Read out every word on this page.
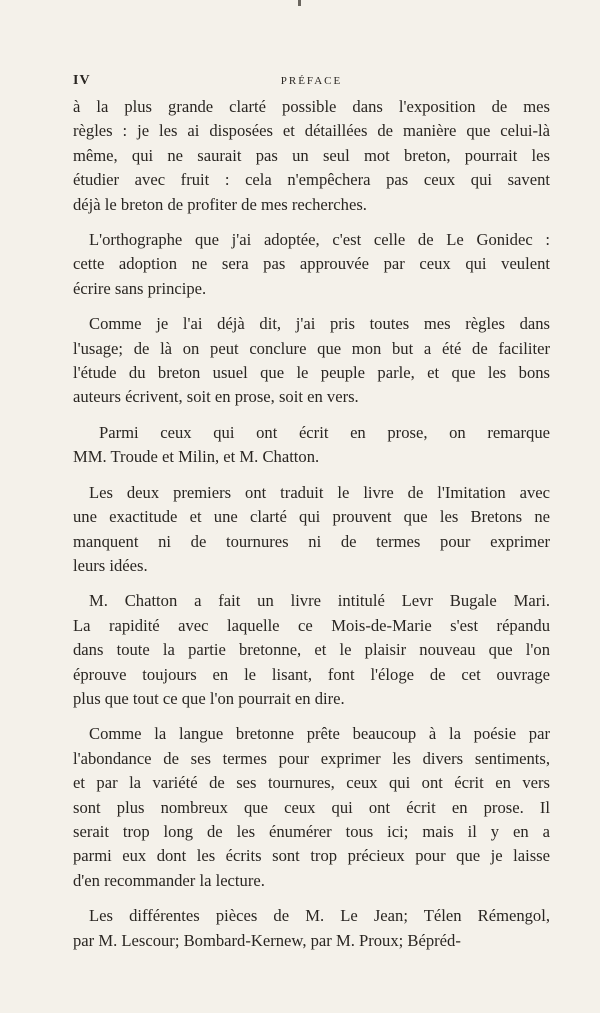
IV	PRÉFACE

à la plus grande clarté possible dans l'exposition de mes
règles : je les ai disposées et détaillées de manière que celui-là
même, qui ne saurait pas un seul mot breton, pourrait les
étudier avec fruit : cela n'empêchera pas ceux qui savent
déjà le breton de profiter de mes recherches.

L'orthographe que j'ai adoptée, c'est celle de Le Gonidec :
cette adoption ne sera pas approuvée par ceux qui veulent
écrire sans principe.

Comme je l'ai déjà dit, j'ai pris toutes mes règles dans
l'usage; de là on peut conclure que mon but a été de faciliter
l'étude du breton usuel que le peuple parle, et que les bons
auteurs écrivent, soit en prose, soit en vers.

Parmi ceux qui ont écrit en prose, on remarque
MM. Troude et Milin, et M. Chatton.

Les deux premiers ont traduit le livre de l'Imitation avec
une exactitude et une clarté qui prouvent que les Bretons ne
manquent ni de tournures ni de termes pour exprimer
leurs idées.

M. Chatton a fait un livre intitulé Levr Bugale Mari.
La rapidité avec laquelle ce Mois-de-Marie s'est répandu
dans toute la partie bretonne, et le plaisir nouveau que l'on
éprouve toujours en le lisant, font l'éloge de cet ouvrage
plus que tout ce que l'on pourrait en dire.

Comme la langue bretonne prête beaucoup à la poésie par
l'abondance de ses termes pour exprimer les divers sentiments,
et par la variété de ses tournures, ceux qui ont écrit en vers
sont plus nombreux que ceux qui ont écrit en prose. Il
serait trop long de les énumérer tous ici; mais il y en a
parmi eux dont les écrits sont trop précieux pour que je laisse
d'en recommander la lecture.

Les différentes pièces de M. Le Jean; Télen Rémengol,
par M. Lescour; Bombard-Kernew, par M. Proux; Bépréd-
